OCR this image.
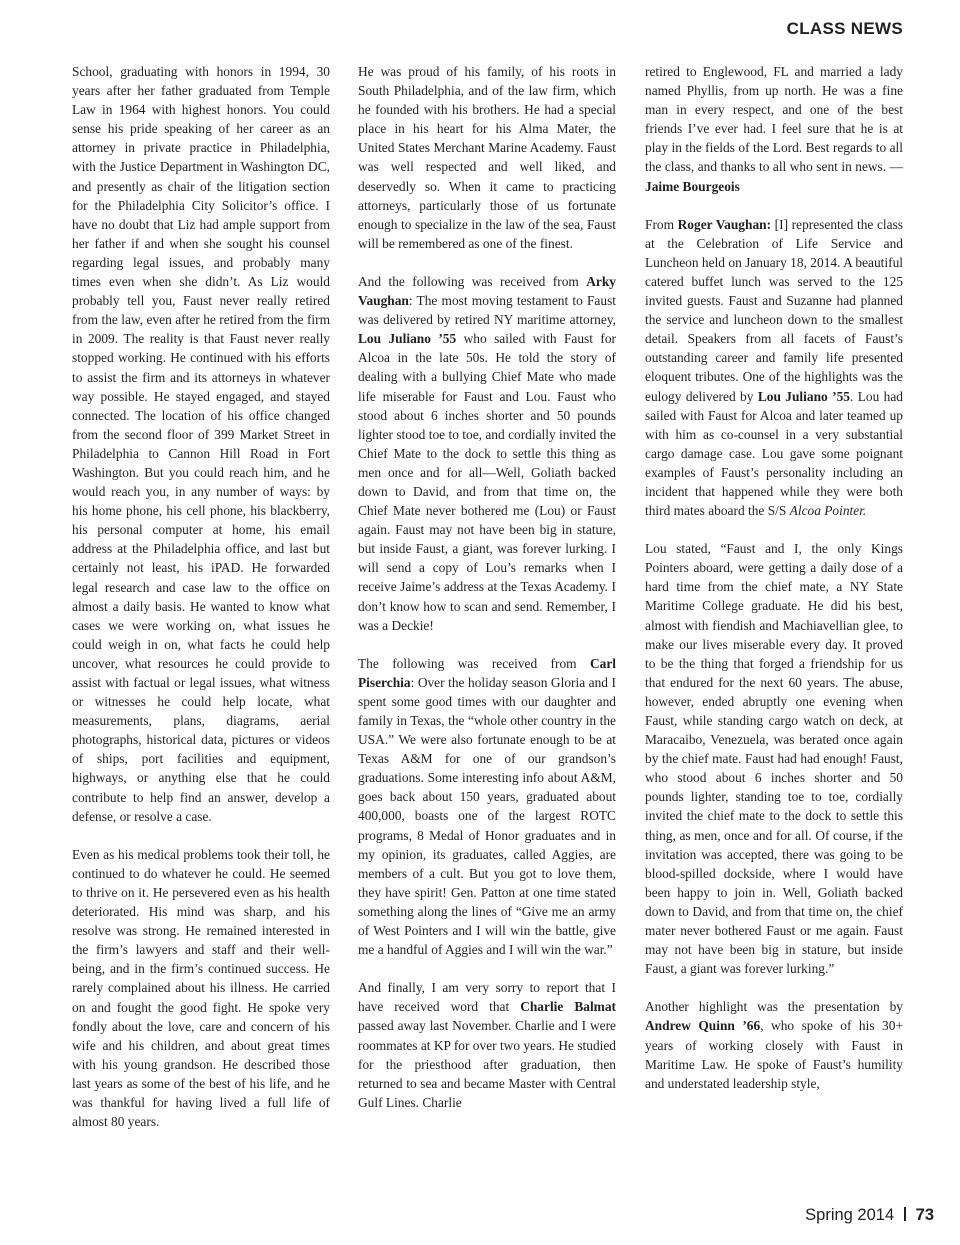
CLASS NEWS

School, graduating with honors in 1994, 30 years after her father graduated from Temple Law in 1964 with highest honors. You could sense his pride speaking of her career as an attorney in private practice in Philadelphia, with the Justice Department in Washington DC, and presently as chair of the litigation section for the Philadelphia City Solicitor’s office. I have no doubt that Liz had ample support from her father if and when she sought his counsel regarding legal issues, and probably many times even when she didn’t. As Liz would probably tell you, Faust never really retired from the law, even after he retired from the firm in 2009. The reality is that Faust never really stopped working. He continued with his efforts to assist the firm and its attorneys in whatever way possible. He stayed engaged, and stayed connected. The location of his office changed from the second floor of 399 Market Street in Philadelphia to Cannon Hill Road in Fort Washington. But you could reach him, and he would reach you, in any number of ways: by his home phone, his cell phone, his blackberry, his personal computer at home, his email address at the Philadelphia office, and last but certainly not least, his iPAD. He forwarded legal research and case law to the office on almost a daily basis. He wanted to know what cases we were working on, what issues he could weigh in on, what facts he could help uncover, what resources he could provide to assist with factual or legal issues, what witness or witnesses he could help locate, what measurements, plans, diagrams, aerial photographs, historical data, pictures or videos of ships, port facilities and equipment, highways, or anything else that he could contribute to help find an answer, develop a defense, or resolve a case.

Even as his medical problems took their toll, he continued to do whatever he could. He seemed to thrive on it. He persevered even as his health deteriorated. His mind was sharp, and his resolve was strong. He remained interested in the firm’s lawyers and staff and their well-being, and in the firm’s continued success. He rarely complained about his illness. He carried on and fought the good fight. He spoke very fondly about the love, care and concern of his wife and his children, and about great times with his young grandson. He described those last years as some of the best of his life, and he was thankful for having lived a full life of almost 80 years.

He was proud of his family, of his roots in South Philadelphia, and of the law firm, which he founded with his brothers. He had a special place in his heart for his Alma Mater, the United States Merchant Marine Academy. Faust was well respected and well liked, and deservedly so. When it came to practicing attorneys, particularly those of us fortunate enough to specialize in the law of the sea, Faust will be remembered as one of the finest.

And the following was received from Arky Vaughan: The most moving testament to Faust was delivered by retired NY maritime attorney, Lou Juliano ’55 who sailed with Faust for Alcoa in the late 50s. He told the story of dealing with a bullying Chief Mate who made life miserable for Faust and Lou. Faust who stood about 6 inches shorter and 50 pounds lighter stood toe to toe, and cordially invited the Chief Mate to the dock to settle this thing as men once and for all—Well, Goliath backed down to David, and from that time on, the Chief Mate never bothered me (Lou) or Faust again. Faust may not have been big in stature, but inside Faust, a giant, was forever lurking. I will send a copy of Lou’s remarks when I receive Jaime’s address at the Texas Academy. I don’t know how to scan and send. Remember, I was a Deckie!

The following was received from Carl Piserchia: Over the holiday season Gloria and I spent some good times with our daughter and family in Texas, the “whole other country in the USA.” We were also fortunate enough to be at Texas A&M for one of our grandson’s graduations. Some interesting info about A&M, goes back about 150 years, graduated about 400,000, boasts one of the largest ROTC programs, 8 Medal of Honor graduates and in my opinion, its graduates, called Aggies, are members of a cult. But you got to love them, they have spirit! Gen. Patton at one time stated something along the lines of “Give me an army of West Pointers and I will win the battle, give me a handful of Aggies and I will win the war.”

And finally, I am very sorry to report that I have received word that Charlie Balmat passed away last November. Charlie and I were roommates at KP for over two years. He studied for the priesthood after graduation, then returned to sea and became Master with Central Gulf Lines. Charlie

retired to Englewood, FL and married a lady named Phyllis, from up north. He was a fine man in every respect, and one of the best friends I’ve ever had. I feel sure that he is at play in the fields of the Lord. Best regards to all the class, and thanks to all who sent in news. — Jaime Bourgeois

From Roger Vaughan: [I] represented the class at the Celebration of Life Service and Luncheon held on January 18, 2014. A beautiful catered buffet lunch was served to the 125 invited guests. Faust and Suzanne had planned the service and luncheon down to the smallest detail. Speakers from all facets of Faust’s outstanding career and family life presented eloquent tributes. One of the highlights was the eulogy delivered by Lou Juliano ’55. Lou had sailed with Faust for Alcoa and later teamed up with him as co-counsel in a very substantial cargo damage case. Lou gave some poignant examples of Faust’s personality including an incident that happened while they were both third mates aboard the S/S Alcoa Pointer.

Lou stated, “Faust and I, the only Kings Pointers aboard, were getting a daily dose of a hard time from the chief mate, a NY State Maritime College graduate. He did his best, almost with fiendish and Machiavellian glee, to make our lives miserable every day. It proved to be the thing that forged a friendship for us that endured for the next 60 years. The abuse, however, ended abruptly one evening when Faust, while standing cargo watch on deck, at Maracaibo, Venezuela, was berated once again by the chief mate. Faust had had enough! Faust, who stood about 6 inches shorter and 50 pounds lighter, standing toe to toe, cordially invited the chief mate to the dock to settle this thing, as men, once and for all. Of course, if the invitation was accepted, there was going to be blood-spilled dockside, where I would have been happy to join in. Well, Goliath backed down to David, and from that time on, the chief mater never bothered Faust or me again. Faust may not have been big in stature, but inside Faust, a giant was forever lurking.”

Another highlight was the presentation by Andrew Quinn ’66, who spoke of his 30+ years of working closely with Faust in Maritime Law. He spoke of Faust’s humility and understated leadership style,

Spring 2014 73
